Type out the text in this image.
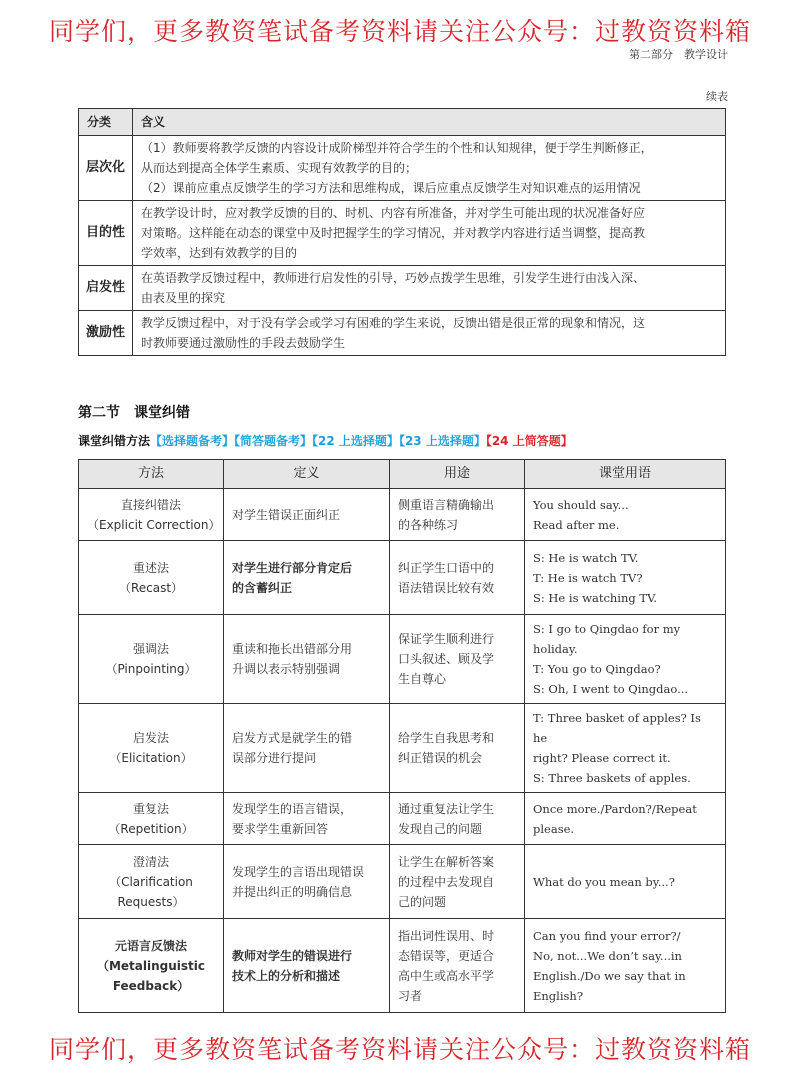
同学们，更多教资笔试备考资料请关注公众号：过教资资料箱
第二部分　教学设计
续表
分类	含义
层次化	（1）教师要将教学反馈的内容设计成阶梯型并符合学生的个性和认知规律，便于学生判断修正，
从而达到提高全体学生素质、实现有效教学的目的；
（2）课前应重点反馈学生的学习方法和思维构成，课后应重点反馈学生对知识难点的运用情况

目的性	在教学设计时，应对教学反馈的目的、时机、内容有所准备，并对学生可能出现的状况准备好应
对策略。这样能在动态的课堂中及时把握学生的学习情况，并对教学内容进行适当调整，提高教
学效率，达到有效教学的目的

启发性	在英语教学反馈过程中，教师进行启发性的引导，巧妙点拨学生思维，引发学生进行由浅入深、
由表及里的探究

激励性	教学反馈过程中，对于没有学会或学习有困难的学生来说，反馈出错是很正常的现象和情况，这
时教师要通过激励性的手段去鼓励学生
第二节　课堂纠错
课堂纠错方法【选择题备考】【简答题备考】【22 上选择题】【23 上选择题】【24 上简答题】
方法	定义	用途	课堂用语

直接纠错法
（Explicit Correction）	对学生错误正面纠正	侧重语言精确输出
的各种练习	You should say...
Read after me.

重述法
（Recast）	对学生进行部分肯定后
的含蓄纠正	纠正学生口语中的
语法错误比较有效	S: He is watch TV.
T: He is watch TV?
S: He is watching TV.

强调法
（Pinpointing）	重读和拖长出错部分用
升调以表示特别强调	保证学生顺利进行
口头叙述、顾及学
生自尊心	S: I go to Qingdao for my holiday.
T: You go to Qingdao?
S: Oh, I went to Qingdao...

启发法
（Elicitation）	启发方式是就学生的错
误部分进行提问	给学生自我思考和
纠正错误的机会	T: Three basket of apples? Is he
right? Please correct it.
S: Three baskets of apples.

重复法
（Repetition）	发现学生的语言错误，
要求学生重新回答	通过重复法让学生
发现自己的问题	Once more./Pardon?/Repeat please.

澄清法
（Clarification
Requests）	发现学生的言语出现错误
并提出纠正的明确信息	让学生在解析答案
的过程中去发现自
己的问题	What do you mean by...?

元语言反馈法
（Metalinguistic
Feedback）	教师对学生的错误进行
技术上的分析和描述	指出词性误用、时
态错误等，更适合
高中生或高水平学
习者	Can you find your error?/
No, not...We don’t say...in
English./Do we say that in English?
同学们，更多教资笔试备考资料请关注公众号：过教资资料箱
